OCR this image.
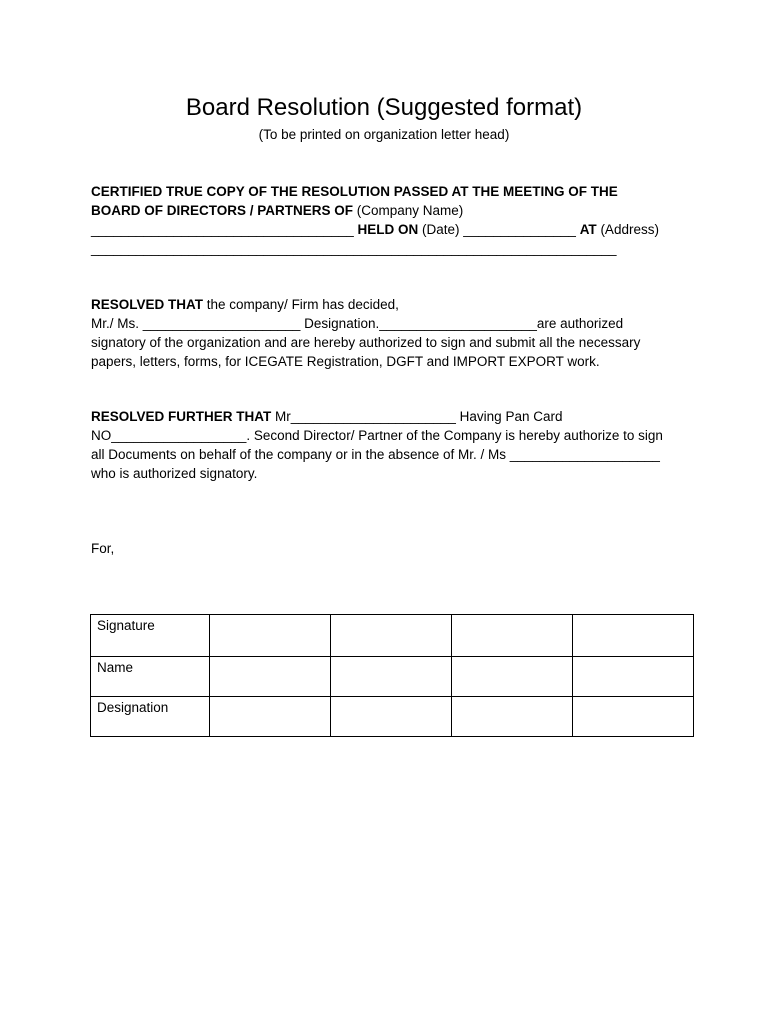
Board Resolution (Suggested format)
(To be printed on organization letter head)
CERTIFIED TRUE COPY OF THE RESOLUTION PASSED AT THE MEETING OF THE
BOARD OF DIRECTORS / PARTNERS OF (Company Name)
___________________________________ HELD ON (Date) _______________ AT (Address)
______________________________________________________________________
RESOLVED THAT the company/ Firm has decided,
Mr./ Ms. _____________________ Designation._____________________are authorized
signatory of the organization and are hereby authorized to sign and submit all the necessary
papers, letters, forms, for ICEGATE Registration, DGFT and IMPORT EXPORT work.
RESOLVED FURTHER THAT Mr______________________ Having Pan Card
NO__________________. Second Director/ Partner of the Company is hereby authorize to sign
all Documents on behalf of the company or in the absence of Mr. / Ms ____________________
who is authorized signatory.
For,
Signature				
Name				
Designation				
